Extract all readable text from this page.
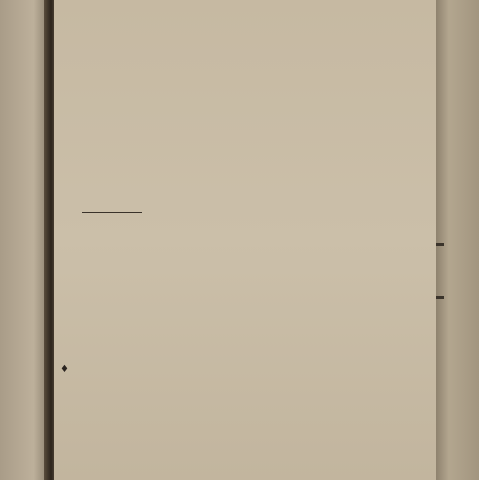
♦
